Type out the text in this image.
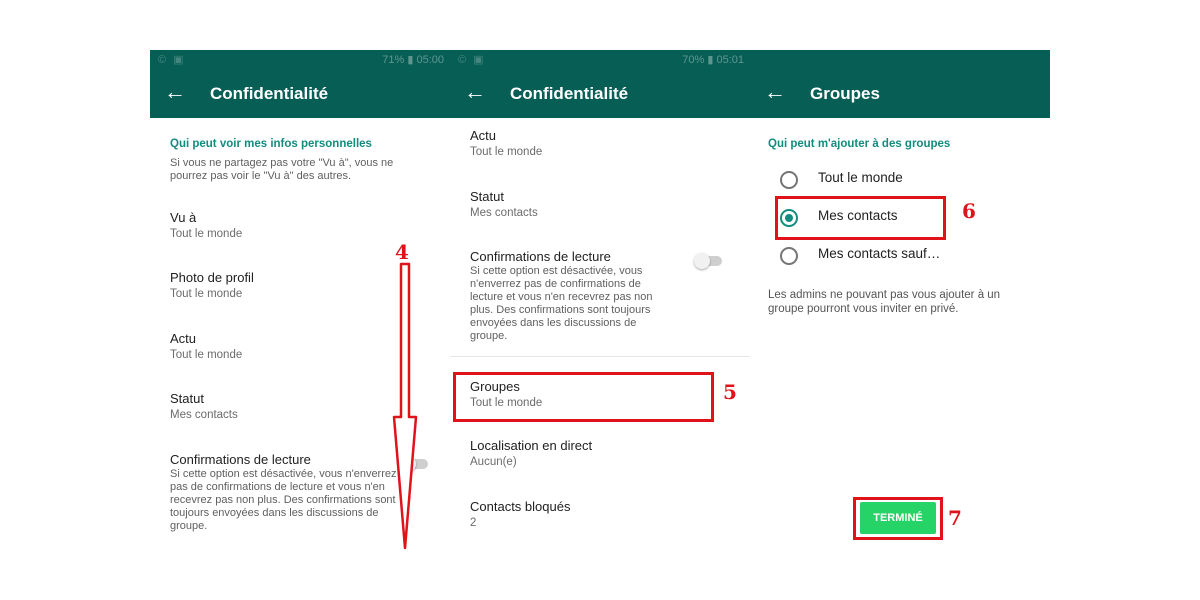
© ▣	71% ▮ 05:00
← Confidentialité
Qui peut voir mes infos personnelles
Si vous ne partagez pas votre "Vu à", vous ne pourrez pas voir le "Vu à" des autres.
Vu à
Tout le monde
Photo de profil
Tout le monde
Actu
Tout le monde
Statut
Mes contacts
Confirmations de lecture
Si cette option est désactivée, vous n'enverrez pas de confirmations de lecture et vous n'en recevrez pas non plus. Des confirmations sont toujours envoyées dans les discussions de groupe.
4
© ▣	70% ▮ 05:01
← Confidentialité
Actu
Tout le monde
Statut
Mes contacts
Confirmations de lecture
Si cette option est désactivée, vous n'enverrez pas de confirmations de lecture et vous n'en recevrez pas non plus. Des confirmations sont toujours envoyées dans les discussions de groupe.
Groupes
Tout le monde
Localisation en direct
Aucun(e)
Contacts bloqués
2
5
← Groupes
Qui peut m'ajouter à des groupes
Tout le monde
Mes contacts
Mes contacts sauf…
Les admins ne pouvant pas vous ajouter à un groupe pourront vous inviter en privé.
6
TERMINÉ	7
